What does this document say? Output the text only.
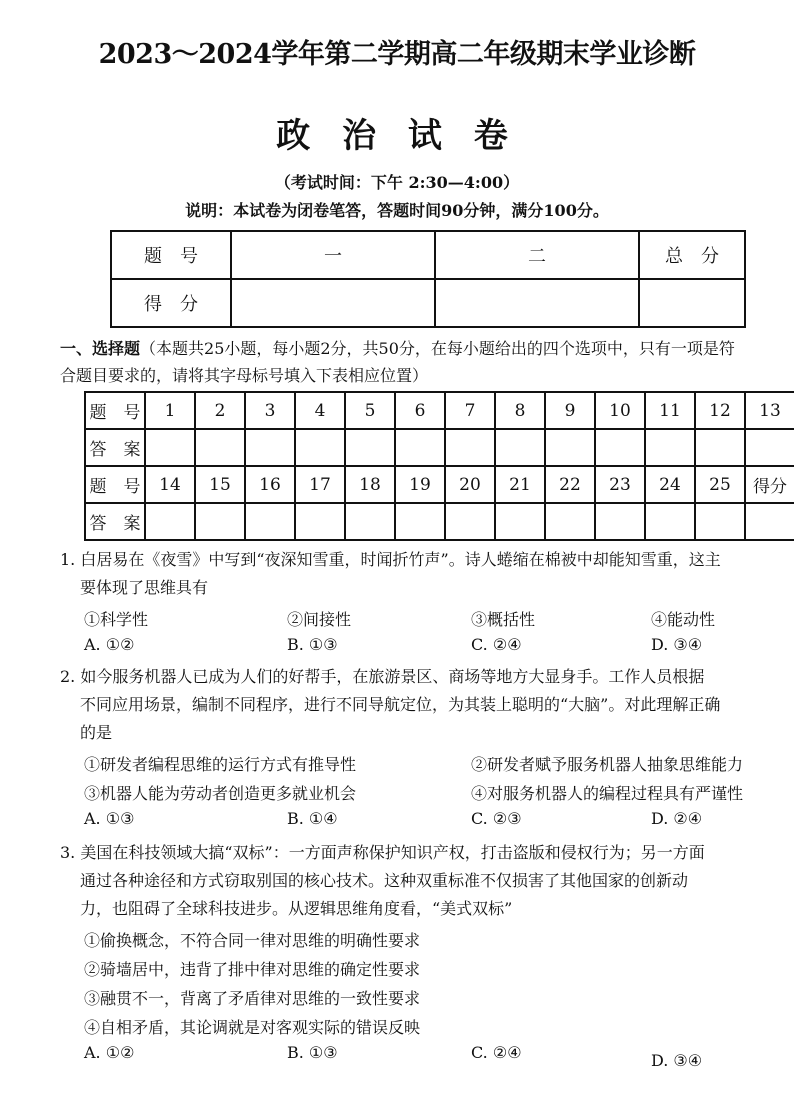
2023～2024学年第二学期高二年级期末学业诊断
政 治 试 卷
（考试时间：下午 2:30—4:00）
说明：本试卷为闭卷笔答，答题时间90分钟，满分100分。
题　号	一	二	总　分
得　分			
一、选择题（本题共25小题，每小题2分，共50分，在每小题给出的四个选项中，只有一项是符
合题目要求的，请将其字母标号填入下表相应位置）
题　号	1	2	3	4	5	6	7	8	9	10	11	12	13
答　案													
题　号	14	15	16	17	18	19	20	21	22	23	24	25	得分
答　案													
1. 白居易在《夜雪》中写到“夜深知雪重，时闻折竹声”。诗人蜷缩在棉被中却能知雪重，这主
要体现了思维具有
①科学性	②间接性	③概括性	④能动性
A. ①②	B. ①③	C. ②④	D. ③④
2. 如今服务机器人已成为人们的好帮手，在旅游景区、商场等地方大显身手。工作人员根据
不同应用场景，编制不同程序，进行不同导航定位，为其装上聪明的“大脑”。对此理解正确
的是
①研发者编程思维的运行方式有推导性	②研发者赋予服务机器人抽象思维能力
③机器人能为劳动者创造更多就业机会	④对服务机器人的编程过程具有严谨性
A. ①③	B. ①④	C. ②③	D. ②④
3. 美国在科技领域大搞“双标”：一方面声称保护知识产权，打击盗版和侵权行为；另一方面
通过各种途径和方式窃取别国的核心技术。这种双重标准不仅损害了其他国家的创新动
力，也阻碍了全球科技进步。从逻辑思维角度看，“美式双标”
①偷换概念，不符合同一律对思维的明确性要求
②骑墙居中，违背了排中律对思维的确定性要求
③融贯不一，背离了矛盾律对思维的一致性要求
④自相矛盾，其论调就是对客观实际的错误反映
A. ①②	B. ①③	C. ②④	D. ③④
